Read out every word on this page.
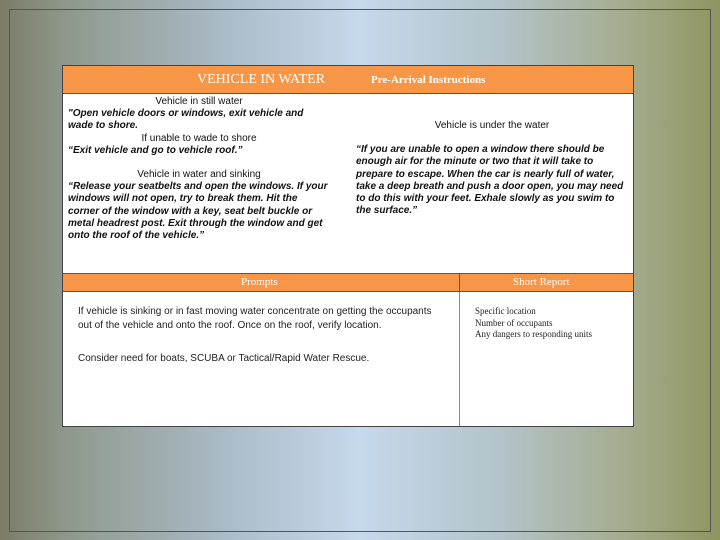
VEHICLE IN WATER	Pre-Arrival Instructions
Vehicle in still water
"Open vehicle doors or windows, exit vehicle and wade to shore.
If unable to wade to shore
“Exit vehicle and go to vehicle roof.”
Vehicle in water and sinking
“Release your seatbelts and open the windows. If your windows will not open, try to break them. Hit the corner of the window with a key, seat belt buckle or metal headrest post. Exit through the window and get onto the roof of the vehicle.”
Vehicle is under the water
“If you are unable to open a window there should be enough air for the minute or two that it will take to prepare to escape. When the car is nearly full of water, take a deep breath and push a door open, you may need to do this with your feet. Exhale slowly as you swim to the surface.”
Prompts	Short Report

If vehicle is sinking or in fast moving water concentrate on getting the occupants out of the vehicle and onto the roof. Once on the roof, verify location.

Consider need for boats, SCUBA or Tactical/Rapid Water Rescue.

Specific location
Number of occupants
Any dangers to responding units
